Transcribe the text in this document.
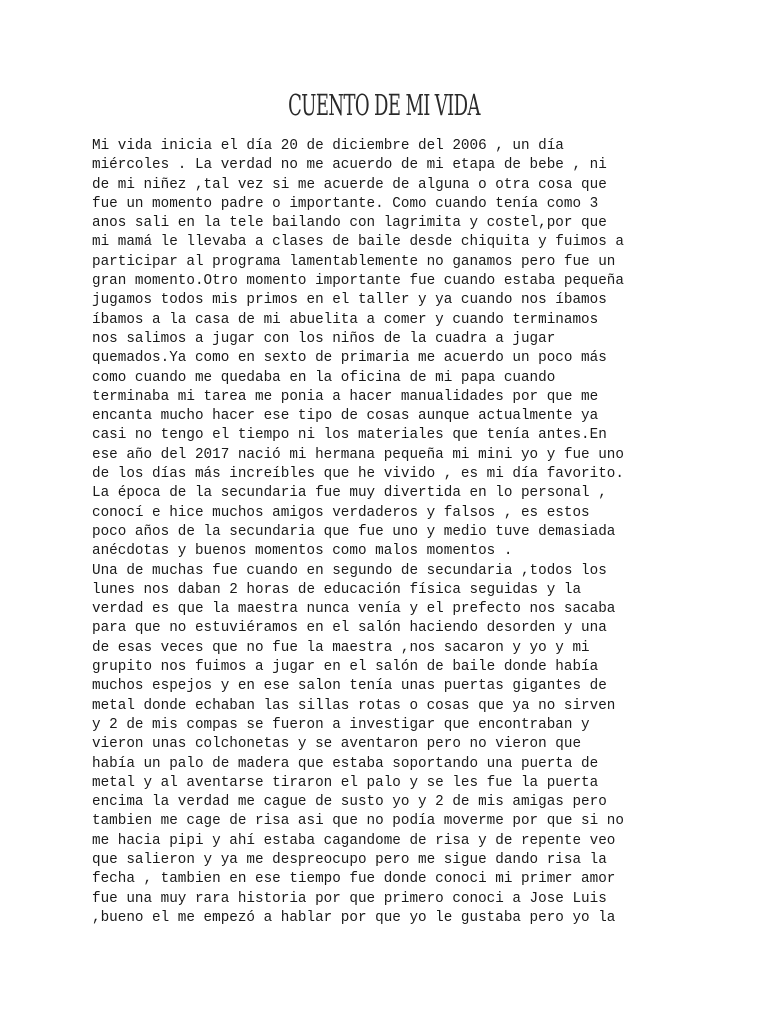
CUENTO DE MI VIDA
Mi vida inicia el día 20 de diciembre del 2006 , un día
miércoles . La verdad no me acuerdo de mi etapa de bebe , ni
de mi niñez ,tal vez si me acuerde de alguna o otra cosa que
fue un momento padre o importante. Como cuando tenía como 3
anos sali en la tele bailando con lagrimita y costel,por que
mi mamá le llevaba a clases de baile desde chiquita y fuimos a
participar al programa lamentablemente no ganamos pero fue un
gran momento.Otro momento importante fue cuando estaba pequeña
jugamos todos mis primos en el taller y ya cuando nos íbamos
íbamos a la casa de mi abuelita a comer y cuando terminamos
nos salimos a jugar con los niños de la cuadra a jugar
quemados.Ya como en sexto de primaria me acuerdo un poco más
como cuando me quedaba en la oficina de mi papa cuando
terminaba mi tarea me ponia a hacer manualidades por que me
encanta mucho hacer ese tipo de cosas aunque actualmente ya
casi no tengo el tiempo ni los materiales que tenía antes.En
ese año del 2017 nació mi hermana pequeña mi mini yo y fue uno
de los días más increíbles que he vivido , es mi día favorito.
La época de la secundaria fue muy divertida en lo personal ,
conocí e hice muchos amigos verdaderos y falsos , es estos
poco años de la secundaria que fue uno y medio tuve demasiada
anécdotas y buenos momentos como malos momentos .
Una de muchas fue cuando en segundo de secundaria ,todos los
lunes nos daban 2 horas de educación física seguidas y la
verdad es que la maestra nunca venía y el prefecto nos sacaba
para que no estuviéramos en el salón haciendo desorden y una
de esas veces que no fue la maestra ,nos sacaron y yo y mi
grupito nos fuimos a jugar en el salón de baile donde había
muchos espejos y en ese salon tenía unas puertas gigantes de
metal donde echaban las sillas rotas o cosas que ya no sirven
y 2 de mis compas se fueron a investigar que encontraban y
vieron unas colchonetas y se aventaron pero no vieron que
había un palo de madera que estaba soportando una puerta de
metal y al aventarse tiraron el palo y se les fue la puerta
encima la verdad me cague de susto yo y 2 de mis amigas pero
tambien me cage de risa asi que no podía moverme por que si no
me hacia pipi y ahí estaba cagandome de risa y de repente veo
que salieron y ya me despreocupo pero me sigue dando risa la
fecha , tambien en ese tiempo fue donde conoci mi primer amor
fue una muy rara historia por que primero conoci a Jose Luis
,bueno el me empezó a hablar por que yo le gustaba pero yo la
